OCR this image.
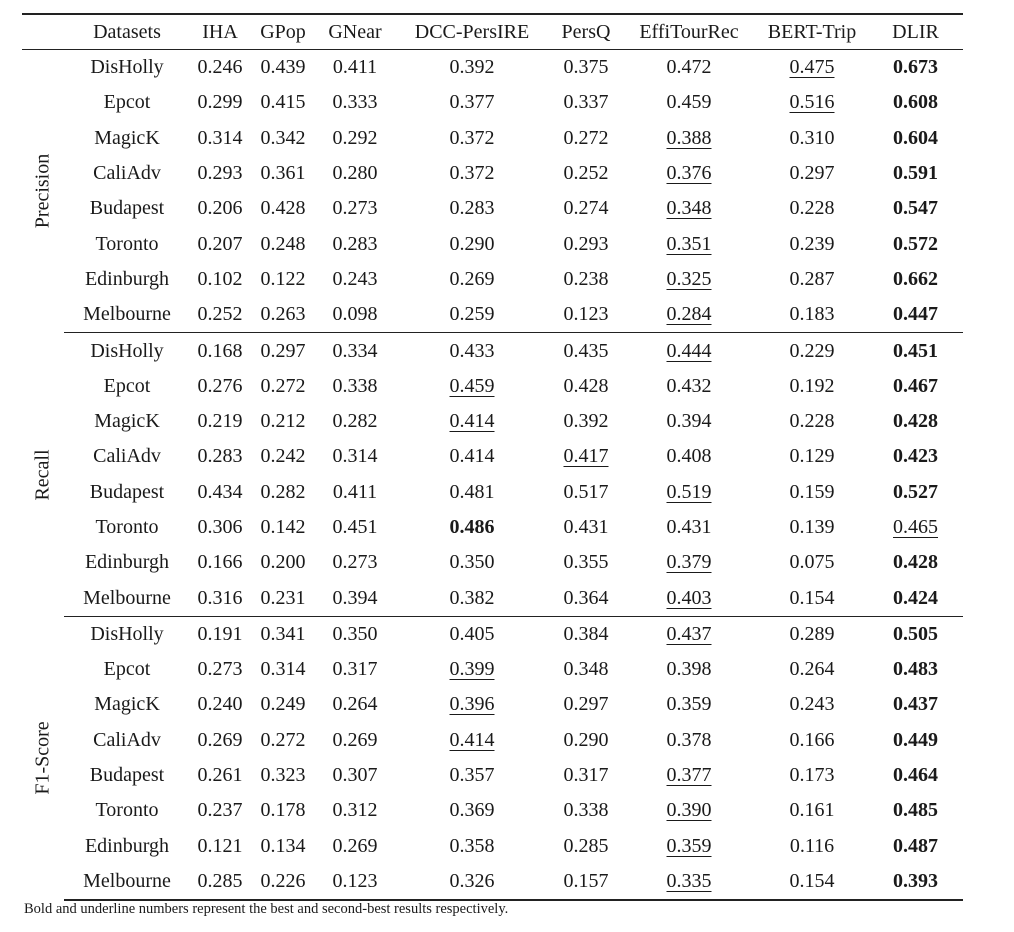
	Datasets	IHA	GPop	GNear	DCC-PersIRE	PersQ	EffiTourRec	BERT-Trip	DLIR

Precision	DisHolly	0.246	0.439	0.411	0.392	0.375	0.472	0.475	0.673
	Epcot	0.299	0.415	0.333	0.377	0.337	0.459	0.516	0.608
	MagicK	0.314	0.342	0.292	0.372	0.272	0.388	0.310	0.604
	CaliAdv	0.293	0.361	0.280	0.372	0.252	0.376	0.297	0.591
	Budapest	0.206	0.428	0.273	0.283	0.274	0.348	0.228	0.547
	Toronto	0.207	0.248	0.283	0.290	0.293	0.351	0.239	0.572
	Edinburgh	0.102	0.122	0.243	0.269	0.238	0.325	0.287	0.662
	Melbourne	0.252	0.263	0.098	0.259	0.123	0.284	0.183	0.447

Recall	DisHolly	0.168	0.297	0.334	0.433	0.435	0.444	0.229	0.451
	Epcot	0.276	0.272	0.338	0.459	0.428	0.432	0.192	0.467
	MagicK	0.219	0.212	0.282	0.414	0.392	0.394	0.228	0.428
	CaliAdv	0.283	0.242	0.314	0.414	0.417	0.408	0.129	0.423
	Budapest	0.434	0.282	0.411	0.481	0.517	0.519	0.159	0.527
	Toronto	0.306	0.142	0.451	0.486	0.431	0.431	0.139	0.465
	Edinburgh	0.166	0.200	0.273	0.350	0.355	0.379	0.075	0.428
	Melbourne	0.316	0.231	0.394	0.382	0.364	0.403	0.154	0.424

F1-Score	DisHolly	0.191	0.341	0.350	0.405	0.384	0.437	0.289	0.505
	Epcot	0.273	0.314	0.317	0.399	0.348	0.398	0.264	0.483
	MagicK	0.240	0.249	0.264	0.396	0.297	0.359	0.243	0.437
	CaliAdv	0.269	0.272	0.269	0.414	0.290	0.378	0.166	0.449
	Budapest	0.261	0.323	0.307	0.357	0.317	0.377	0.173	0.464
	Toronto	0.237	0.178	0.312	0.369	0.338	0.390	0.161	0.485
	Edinburgh	0.121	0.134	0.269	0.358	0.285	0.359	0.116	0.487
	Melbourne	0.285	0.226	0.123	0.326	0.157	0.335	0.154	0.393
Bold and underline numbers represent the best and second-best results respectively.
